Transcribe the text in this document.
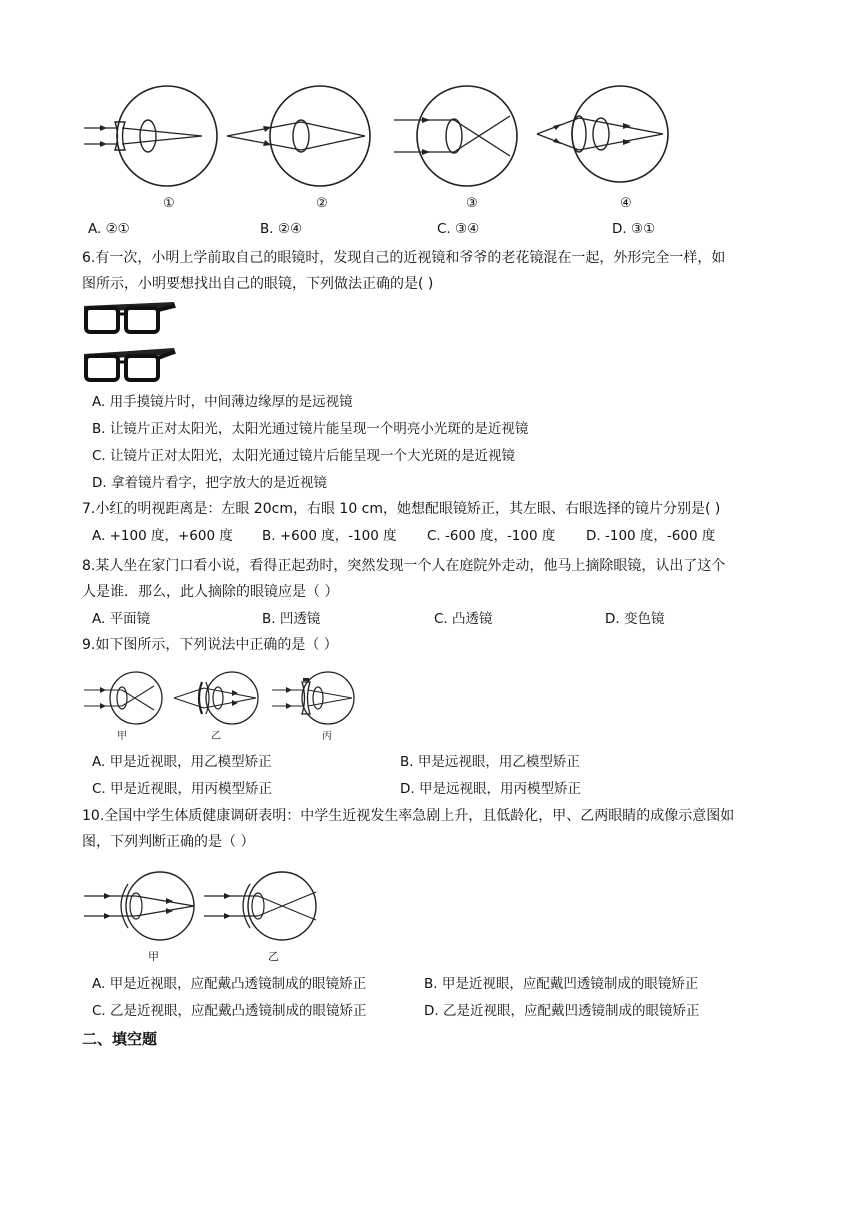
①	②	③	④
A. ②①	B. ②④	C. ③④	D. ③①
6.有一次，小明上学前取自己的眼镜时，发现自己的近视镜和爷爷的老花镜混在一起，外形完全一样，如
图所示，小明要想找出自己的眼镜，下列做法正确的是( )
A. 用手摸镜片时，中间薄边缘厚的是远视镜
B. 让镜片正对太阳光，太阳光通过镜片能呈现一个明亮小光斑的是近视镜
C. 让镜片正对太阳光，太阳光通过镜片后能呈现一个大光斑的是近视镜
D. 拿着镜片看字，把字放大的是近视镜
7.小红的明视距离是：左眼 20cm，右眼 10 cm，她想配眼镜矫正，其左眼、右眼选择的镜片分别是( )
A. +100 度，+600 度 B. +600 度，-100 度 C. -600 度，-100 度 D. -100 度，-600 度
8.某人坐在家门口看小说，看得正起劲时，突然发现一个人在庭院外走动，他马上摘除眼镜，认出了这个
人是谁．那么，此人摘除的眼镜应是（ ）
A. 平面镜	B. 凹透镜	C. 凸透镜	D. 变色镜
9.如下图所示，下列说法中正确的是（ ）
甲	乙	丙
A. 甲是近视眼，用乙模型矫正	B. 甲是远视眼，用乙模型矫正
C. 甲是近视眼，用丙模型矫正	D. 甲是远视眼，用丙模型矫正
10.全国中学生体质健康调研表明：中学生近视发生率急剧上升，且低龄化，甲、乙两眼睛的成像示意图如
图，下列判断正确的是（ ）
甲	乙
A. 甲是近视眼，应配戴凸透镜制成的眼镜矫正	B. 甲是近视眼，应配戴凹透镜制成的眼镜矫正
C. 乙是近视眼，应配戴凸透镜制成的眼镜矫正	D. 乙是近视眼，应配戴凹透镜制成的眼镜矫正
二、填空题
